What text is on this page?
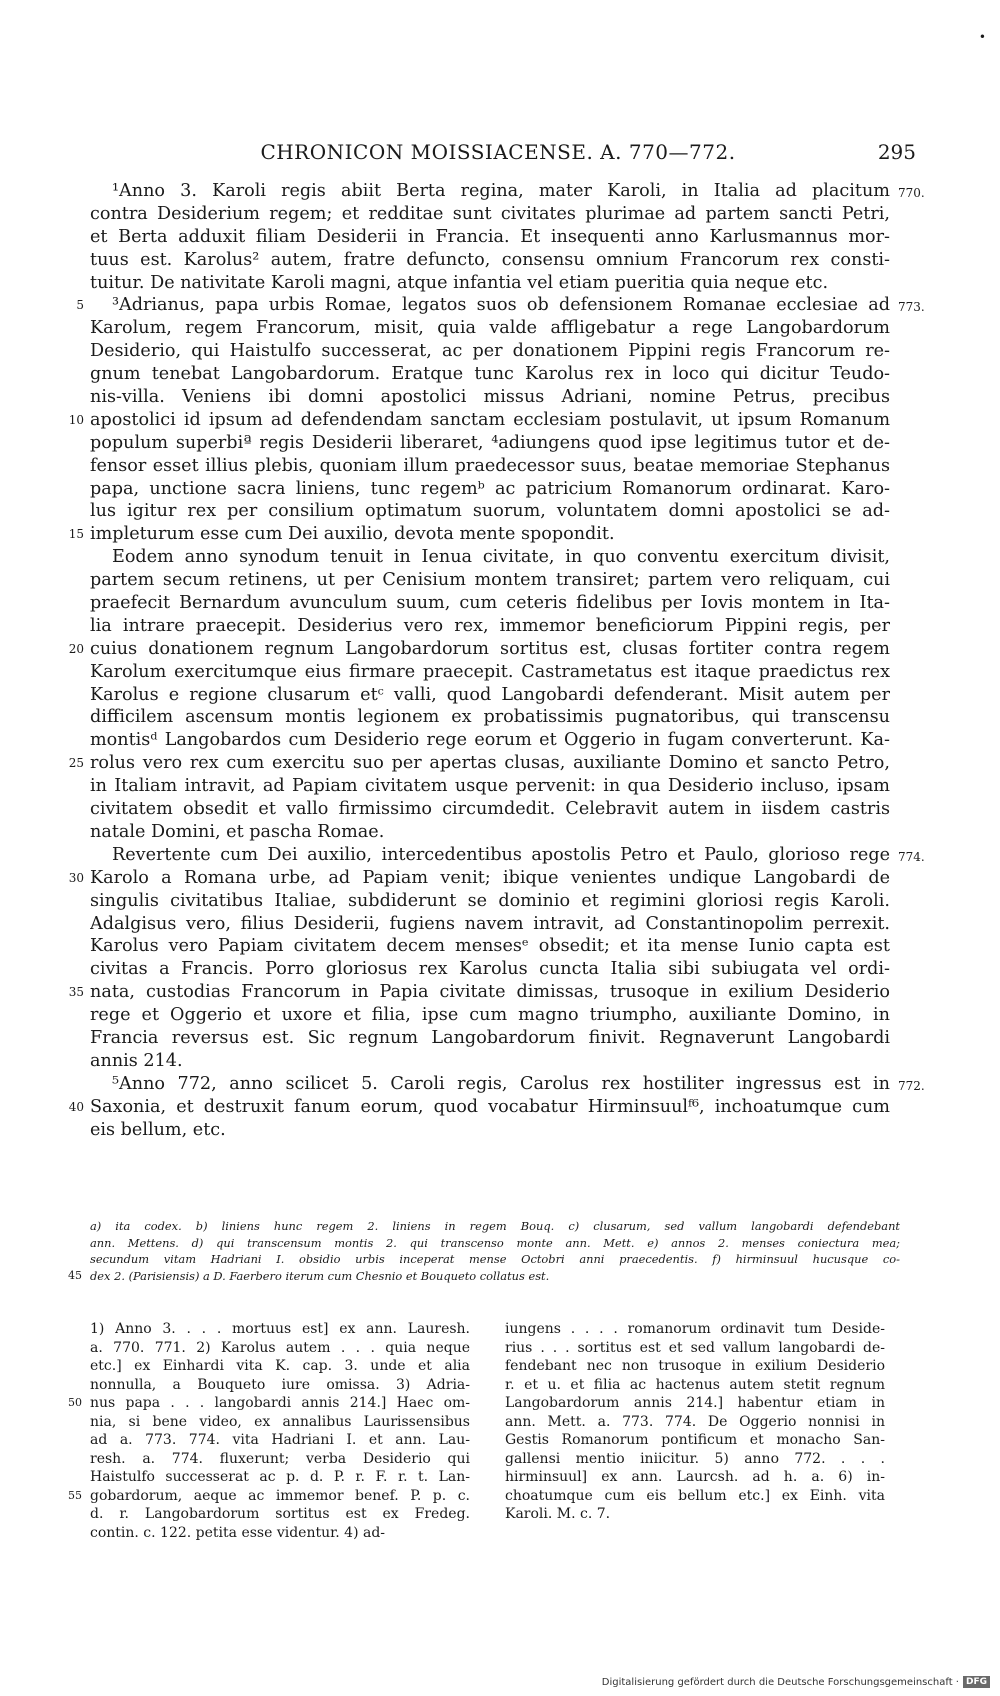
•
CHRONICON MOISSIACENSE. A. 770—772.	295
¹Anno 3. Karoli regis abiit Berta regina, mater Karoli, in Italia ad placitum 770.
contra Desiderium regem; et redditae sunt civitates plurimae ad partem sancti Petri,
et Berta adduxit filiam Desiderii in Francia. Et insequenti anno Karlusmannus mor-
tuus est. Karolus² autem, fratre defuncto, consensu omnium Francorum rex consti-
tuitur. De nativitate Karoli magni, atque infantia vel etiam pueritia quia neque etc.
³Adrianus, papa urbis Romae, legatos suos ob defensionem Romanae ecclesiae ad
5	773.
Karolum, regem Francorum, misit, quia valde affligebatur a rege Langobardorum
Desiderio, qui Haistulfo successerat, ac per donationem Pippini regis Francorum re-
gnum tenebat Langobardorum. Eratque tunc Karolus rex in loco qui dicitur Teudo-
nis-villa. Veniens ibi domni apostolici missus Adriani, nomine Petrus, precibus
apostolici id ipsum ad defendendam sanctam ecclesiam postulavit, ut ipsum Romanum
10
populum superbiª regis Desiderii liberaret, ⁴adiungens quod ipse legitimus tutor et de-
fensor esset illius plebis, quoniam illum praedecessor suus, beatae memoriae Stephanus
papa, unctione sacra liniens, tunc regemᵇ ac patricium Romanorum ordinarat. Karo-
lus igitur rex per consilium optimatum suorum, voluntatem domni apostolici se ad-
impleturum esse cum Dei auxilio, devota mente spopondit.
15
Eodem anno synodum tenuit in Ienua civitate, in quo conventu exercitum divisit,
partem secum retinens, ut per Cenisium montem transiret; partem vero reliquam, cui
praefecit Bernardum avunculum suum, cum ceteris fidelibus per Iovis montem in Ita-
lia intrare praecepit. Desiderius vero rex, immemor beneficiorum Pippini regis, per
cuius donationem regnum Langobardorum sortitus est, clusas fortiter contra regem
20
Karolum exercitumque eius firmare praecepit. Castrametatus est itaque praedictus rex
Karolus e regione clusarum etᶜ valli, quod Langobardi defenderant. Misit autem per
difficilem ascensum montis legionem ex probatissimis pugnatoribus, qui transcensu
montisᵈ Langobardos cum Desiderio rege eorum et Oggerio in fugam converterunt. Ka-
rolus vero rex cum exercitu suo per apertas clusas, auxiliante Domino et sancto Petro,
25
in Italiam intravit, ad Papiam civitatem usque pervenit: in qua Desiderio incluso, ipsam
civitatem obsedit et vallo firmissimo circumdedit. Celebravit autem in iisdem castris
natale Domini, et pascha Romae.
Revertente cum Dei auxilio, intercedentibus apostolis Petro et Paulo, glorioso rege 774.
Karolo a Romana urbe, ad Papiam venit; ibique venientes undique Langobardi de
30
singulis civitatibus Italiae, subdiderunt se dominio et regimini gloriosi regis Karoli.
Adalgisus vero, filius Desiderii, fugiens navem intravit, ad Constantinopolim perrexit.
Karolus vero Papiam civitatem decem mensesᵉ obsedit; et ita mense Iunio capta est
civitas a Francis. Porro gloriosus rex Karolus cuncta Italia sibi subiugata vel ordi-
nata, custodias Francorum in Papia civitate dimissas, trusoque in exilium Desiderio
35
rege et Oggerio et uxore et filia, ipse cum magno triumpho, auxiliante Domino, in
Francia reversus est. Sic regnum Langobardorum finivit. Regnaverunt Langobardi
annis 214.
⁵Anno 772, anno scilicet 5. Caroli regis, Carolus rex hostiliter ingressus est in 772.
Saxonia, et destruxit fanum eorum, quod vocabatur Hirminsuulᶠ⁶, inchoatumque cum
40
eis bellum, etc.
a) ita codex. b) liniens hunc regem 2. liniens in regem Bouq. c) clusarum, sed vallum langobardi defendebant
ann. Mettens. d) qui transcensum montis 2. qui transcenso monte ann. Mett. e) annos 2. menses coniectura mea;
secundum vitam Hadriani I. obsidio urbis inceperat mense Octobri anni praecedentis. f) hirminsuul hucusque co-
dex 2. (Parisiensis) a D. Faerbero iterum cum Chesnio et Bouqueto collatus est.
45
1) Anno 3. . . . mortuus est] ex ann. Lauresh.
a. 770. 771. 2) Karolus autem . . . quia neque
etc.] ex Einhardi vita K. cap. 3. unde et alia
nonnulla, a Bouqueto iure omissa. 3) Adria-
nus papa . . . langobardi annis 214.] Haec om-
50
nia, si bene video, ex annalibus Laurissensibus
ad a. 773. 774. vita Hadriani I. et ann. Lau-
resh. a. 774. fluxerunt; verba Desiderio qui
Haistulfo successerat ac p. d. P. r. F. r. t. Lan-
gobardorum, aeque ac immemor benef. P. p. c.
55
d. r. Langobardorum sortitus est ex Fredeg.
contin. c. 122. petita esse videntur. 4) ad-
iungens . . . . romanorum ordinavit tum Deside-
rius . . . sortitus est et sed vallum langobardi de-
fendebant nec non trusoque in exilium Desiderio
r. et u. et filia ac hactenus autem stetit regnum
Langobardorum annis 214.] habentur etiam in
ann. Mett. a. 773. 774. De Oggerio nonnisi in
Gestis Romanorum pontificum et monacho San-
gallensi mentio iniicitur. 5) anno 772. . . .
hirminsuul] ex ann. Laurcsh. ad h. a. 6) in-
choatumque cum eis bellum etc.] ex Einh. vita
Karoli. M. c. 7.
Digitalisierung gefördert durch die Deutsche Forschungsgemeinschaft · DFG
